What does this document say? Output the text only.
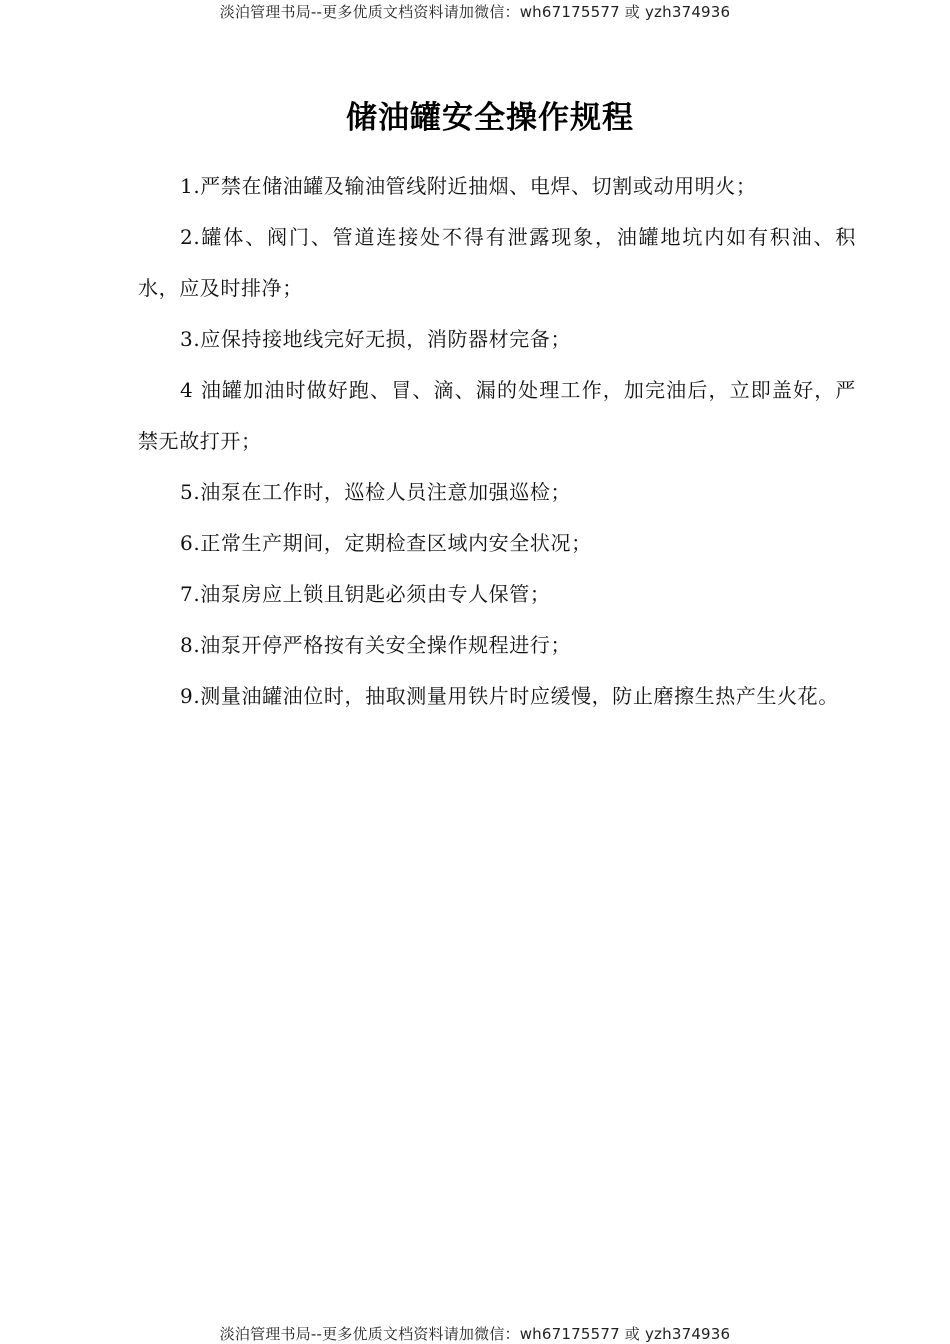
淡泊管理书局--更多优质文档资料请加微信：wh67175577 或 yzh374936
储油罐安全操作规程
1.严禁在储油罐及输油管线附近抽烟、电焊、切割或动用明火；
2.罐体、阀门、管道连接处不得有泄露现象，油罐地坑内如有积油、积水，应及时排净；
3.应保持接地线完好无损，消防器材完备；
4 油罐加油时做好跑、冒、滴、漏的处理工作，加完油后，立即盖好，严禁无故打开；
5.油泵在工作时，巡检人员注意加强巡检；
6.正常生产期间，定期检查区域内安全状况；
7.油泵房应上锁且钥匙必须由专人保管；
8.油泵开停严格按有关安全操作规程进行；
9.测量油罐油位时，抽取测量用铁片时应缓慢，防止磨擦生热产生火花。
淡泊管理书局--更多优质文档资料请加微信：wh67175577 或 yzh374936
